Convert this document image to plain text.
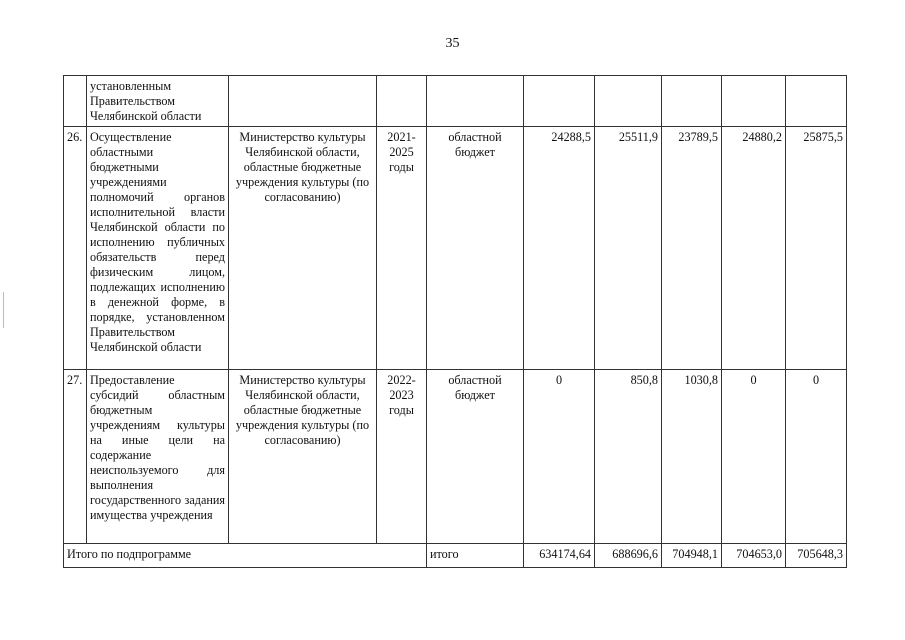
35
	установленным Правительством Челябинской области								
26.	Осуществление областными бюджетными учреждениями полномочий органов исполнительной власти Челябинской области по исполнению публичных обязательств перед физическим лицом, подлежащих исполнению в денежной форме, в порядке, установленном Правительством Челябинской области	Министерство культуры Челябинской области, областные бюджетные учреждения культуры (по согласованию)	2021-2025 годы	областной бюджет	24288,5	25511,9	23789,5	24880,2	25875,5
27.	Предоставление субсидий областным бюджетным учреждениям культуры на иные цели на содержание неиспользуемого для выполнения государственного задания имущества учреждения	Министерство культуры Челябинской области, областные бюджетные учреждения культуры (по согласованию)	2022-2023 годы	областной бюджет	0	850,8	1030,8	0	0
Итого по подпрограмме				итого	634174,64	688696,6	704948,1	704653,0	705648,3
